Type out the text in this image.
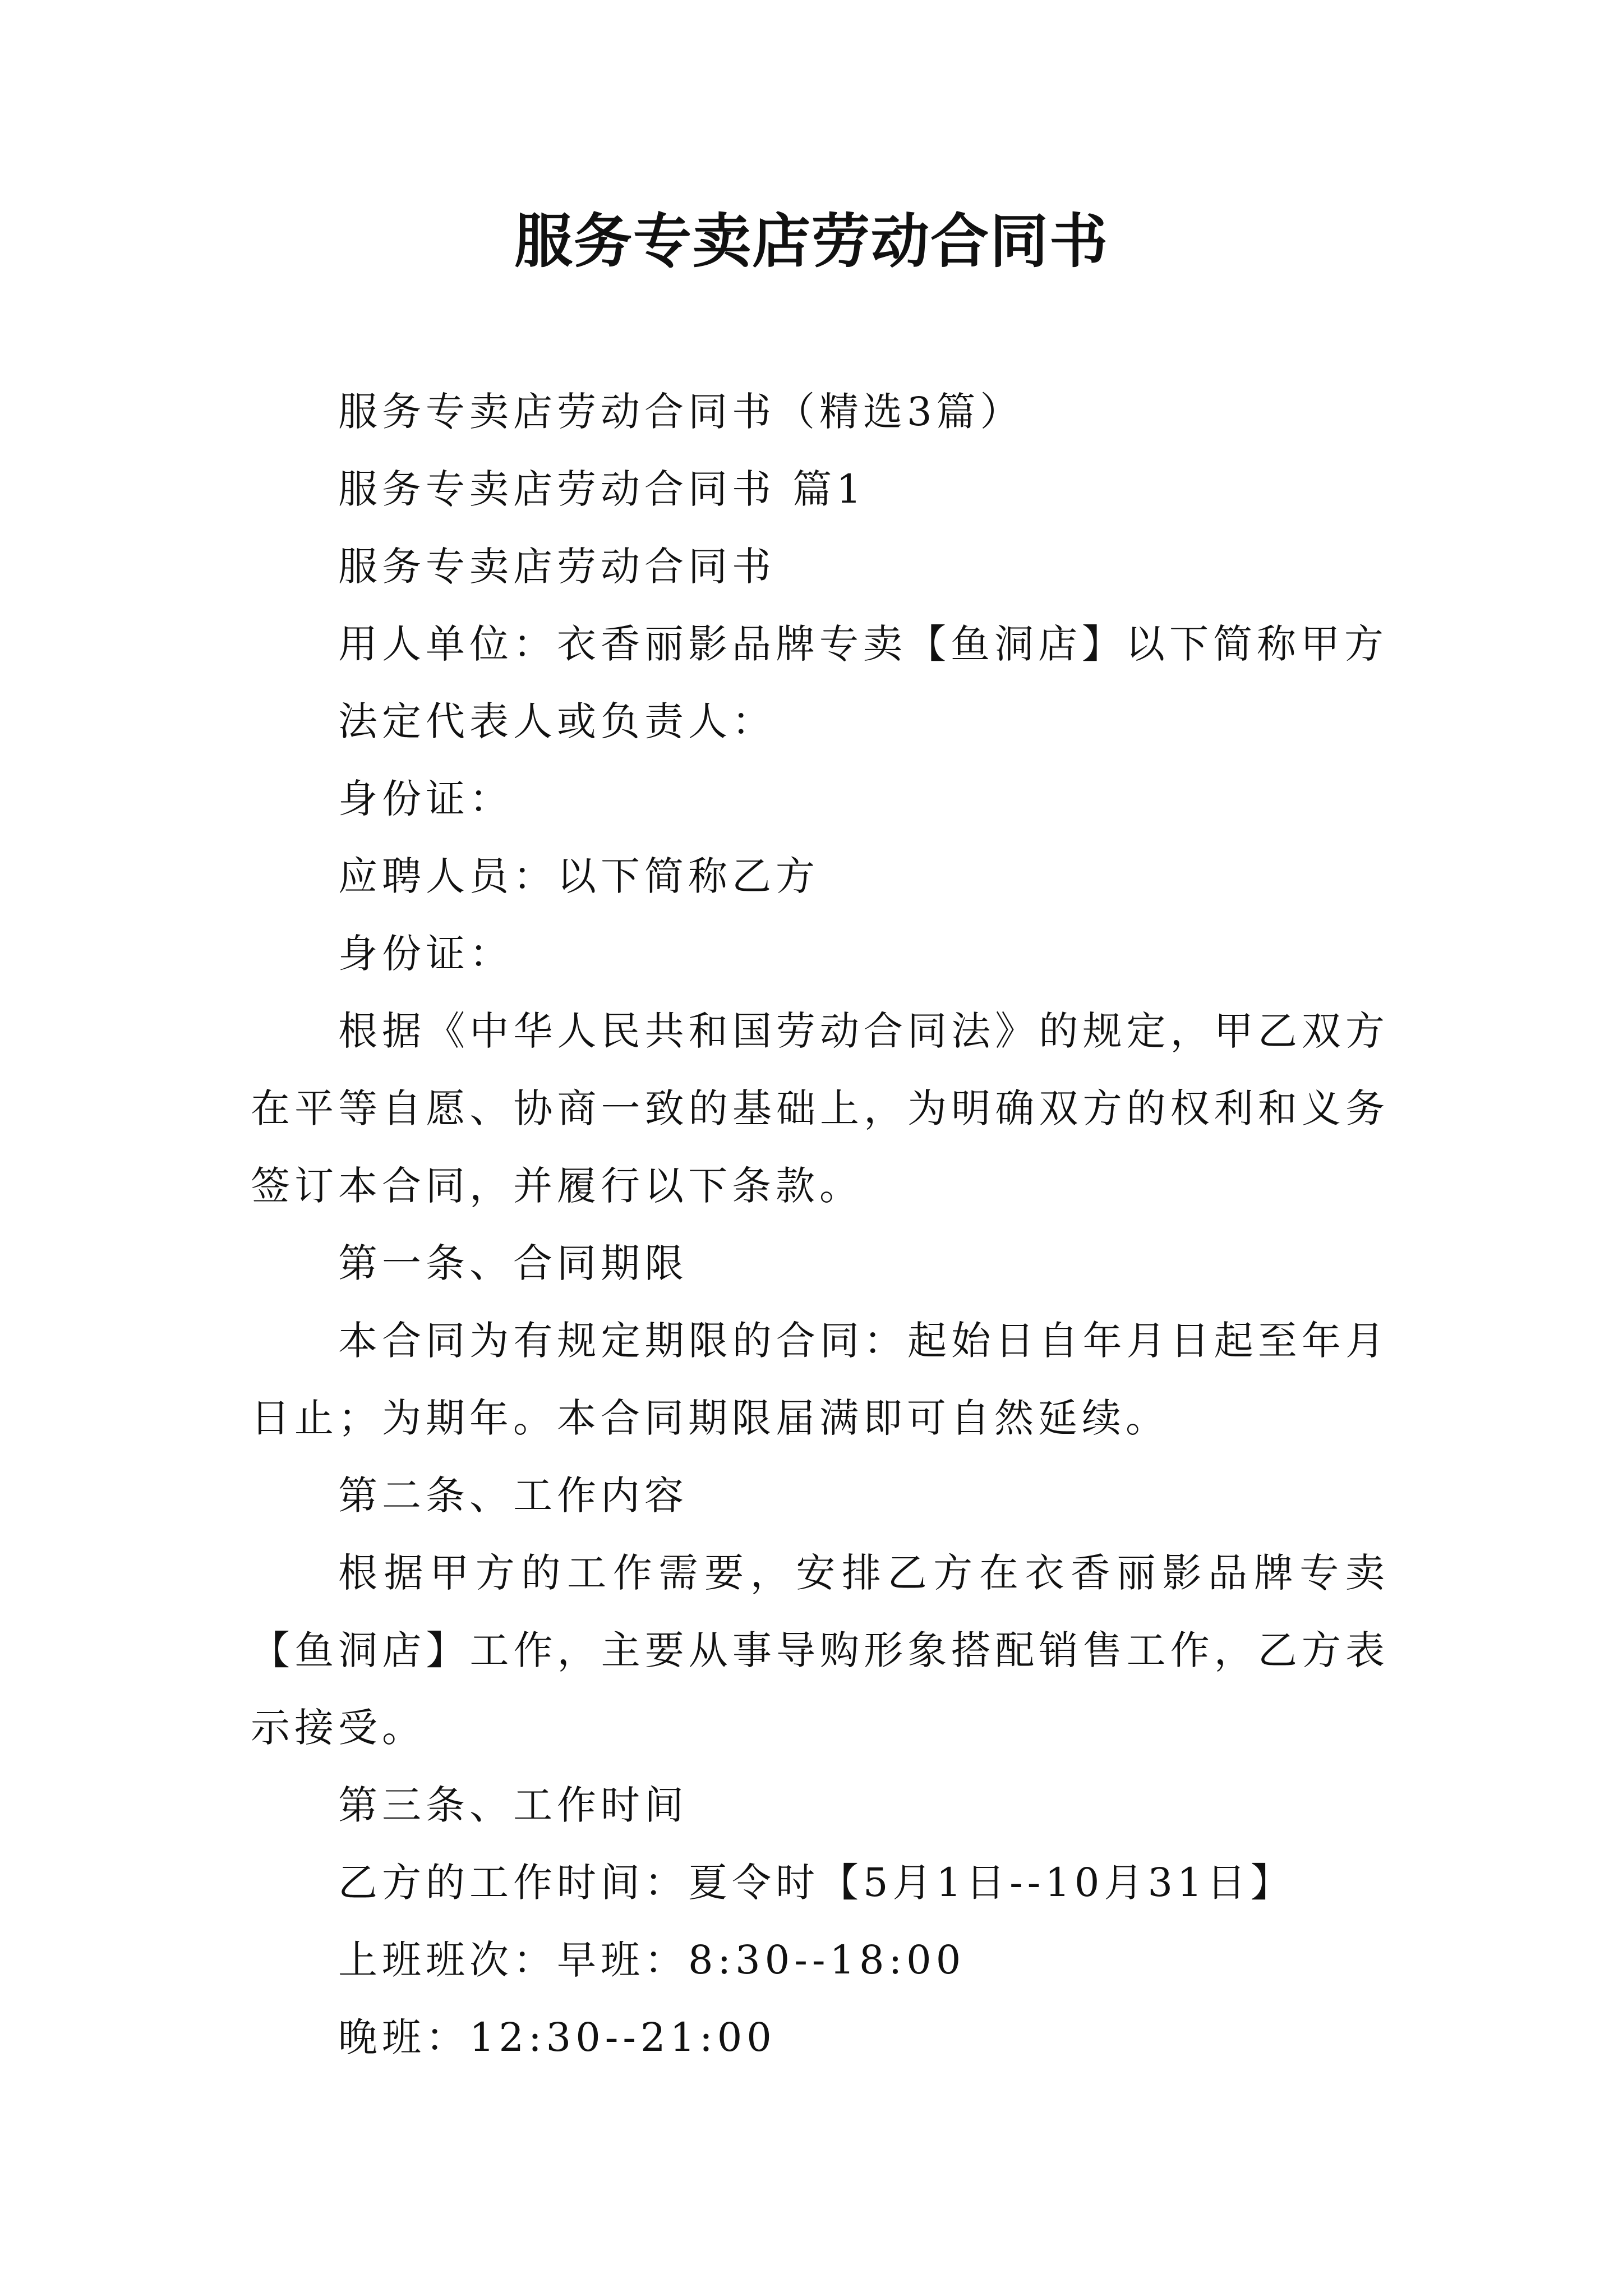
服务专卖店劳动合同书

服务专卖店劳动合同书（精选3篇）

服务专卖店劳动合同书 篇1

服务专卖店劳动合同书

用人单位：衣香丽影品牌专卖【鱼洞店】以下简称甲方

法定代表人或负责人：

身份证：

应聘人员：以下简称乙方

身份证：

根据《中华人民共和国劳动合同法》的规定，甲乙双方在平等自愿、协商一致的基础上，为明确双方的权利和义务签订本合同，并履行以下条款。

第一条、合同期限

本合同为有规定期限的合同：起始日自年月日起至年月日止；为期年。本合同期限届满即可自然延续。

第二条、工作内容

根据甲方的工作需要，安排乙方在衣香丽影品牌专卖【鱼洞店】工作，主要从事导购形象搭配销售工作，乙方表示接受。

第三条、工作时间

乙方的工作时间：夏令时【5月1日--10月31日】

上班班次：早班：8:30--18:00

晚班：12:30--21:00
